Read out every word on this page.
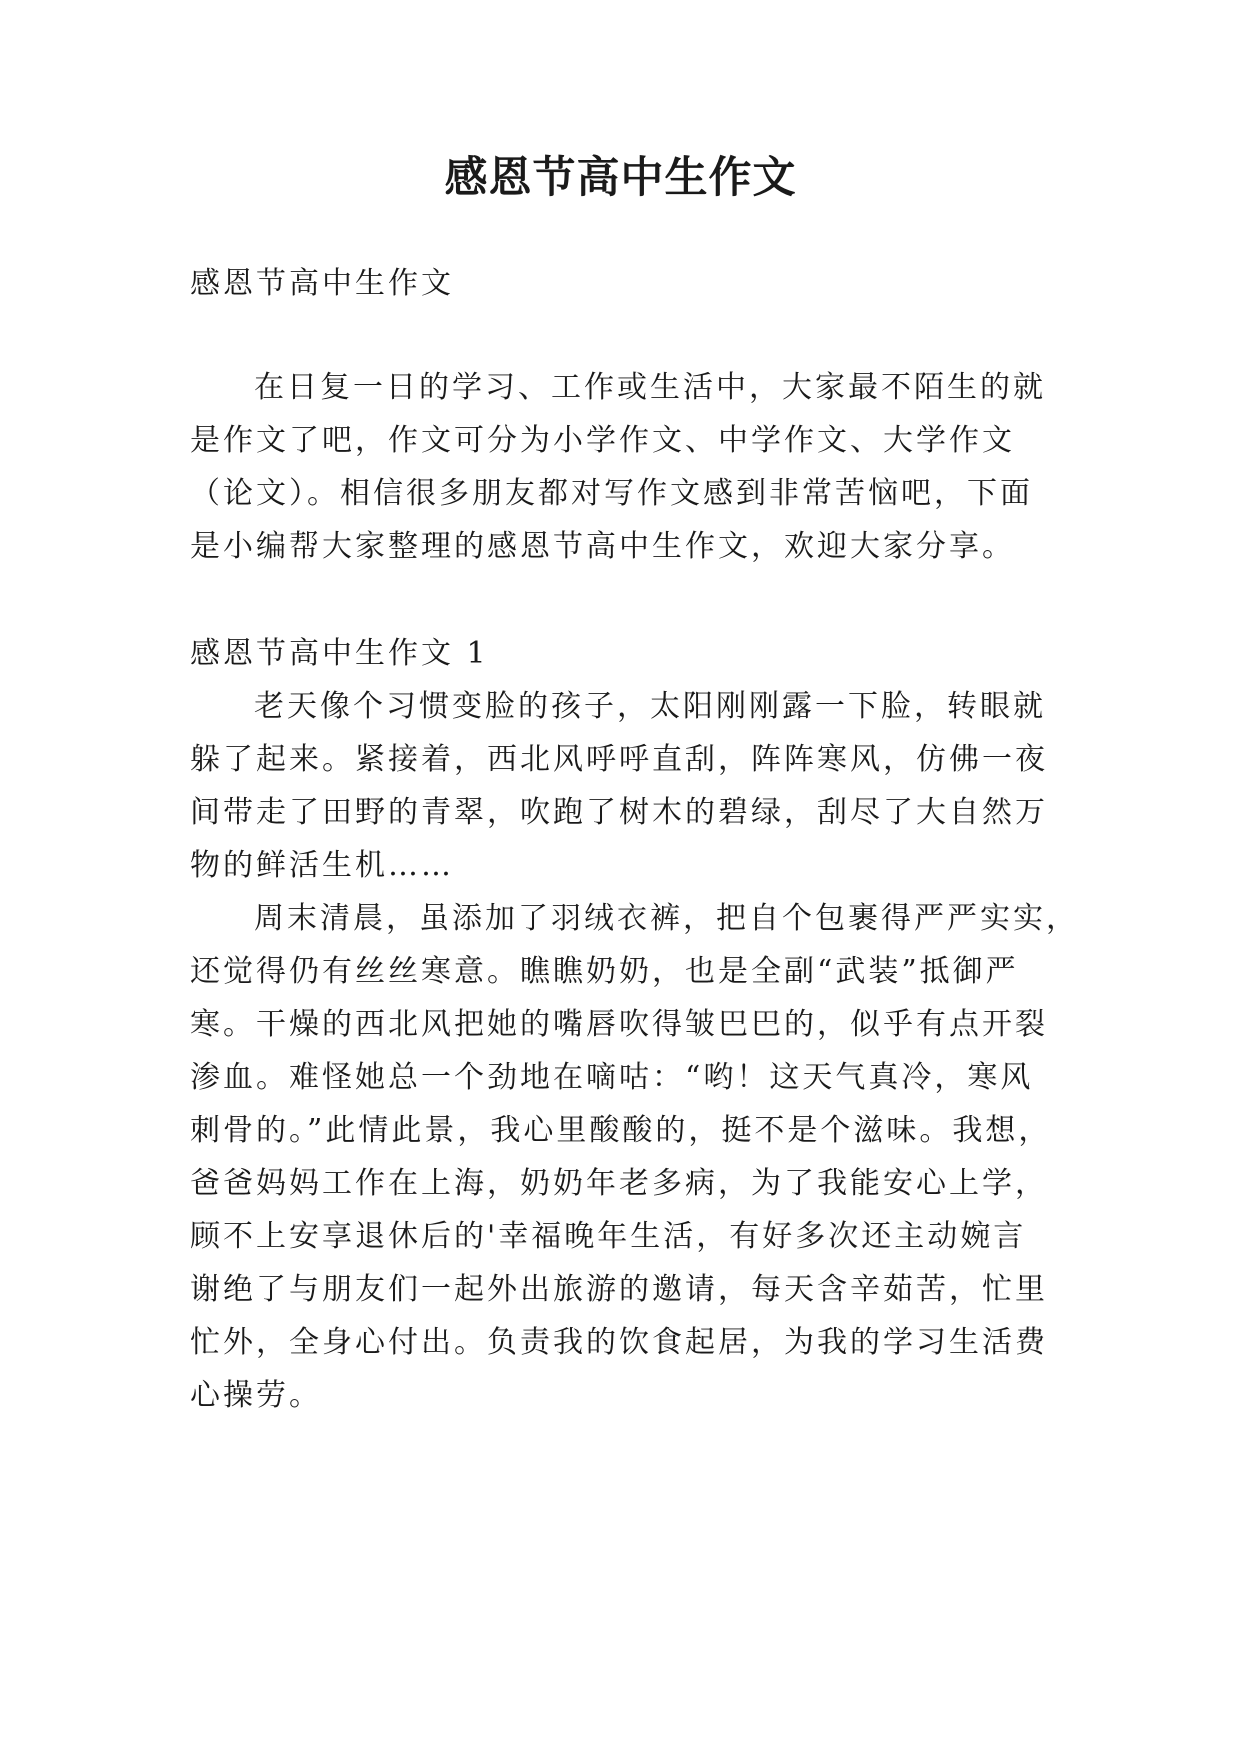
感恩节高中生作文
感恩节高中生作文
在日复一日的学习、工作或生活中，大家最不陌生的就
是作文了吧，作文可分为小学作文、中学作文、大学作文
（论文）。相信很多朋友都对写作文感到非常苦恼吧，下面
是小编帮大家整理的感恩节高中生作文，欢迎大家分享。
感恩节高中生作文 1
老天像个习惯变脸的孩子，太阳刚刚露一下脸，转眼就
躲了起来。紧接着，西北风呼呼直刮，阵阵寒风，仿佛一夜
间带走了田野的青翠，吹跑了树木的碧绿，刮尽了大自然万
物的鲜活生机……
周末清晨，虽添加了羽绒衣裤，把自个包裹得严严实实，
还觉得仍有丝丝寒意。瞧瞧奶奶，也是全副“武装”抵御严
寒。干燥的西北风把她的嘴唇吹得皱巴巴的，似乎有点开裂
渗血。难怪她总一个劲地在嘀咕：“哟！这天气真冷，寒风
刺骨的。”此情此景，我心里酸酸的，挺不是个滋味。我想，
爸爸妈妈工作在上海，奶奶年老多病，为了我能安心上学，
顾不上安享退休后的'幸福晚年生活，有好多次还主动婉言
谢绝了与朋友们一起外出旅游的邀请，每天含辛茹苦，忙里
忙外，全身心付出。负责我的饮食起居，为我的学习生活费
心操劳。
